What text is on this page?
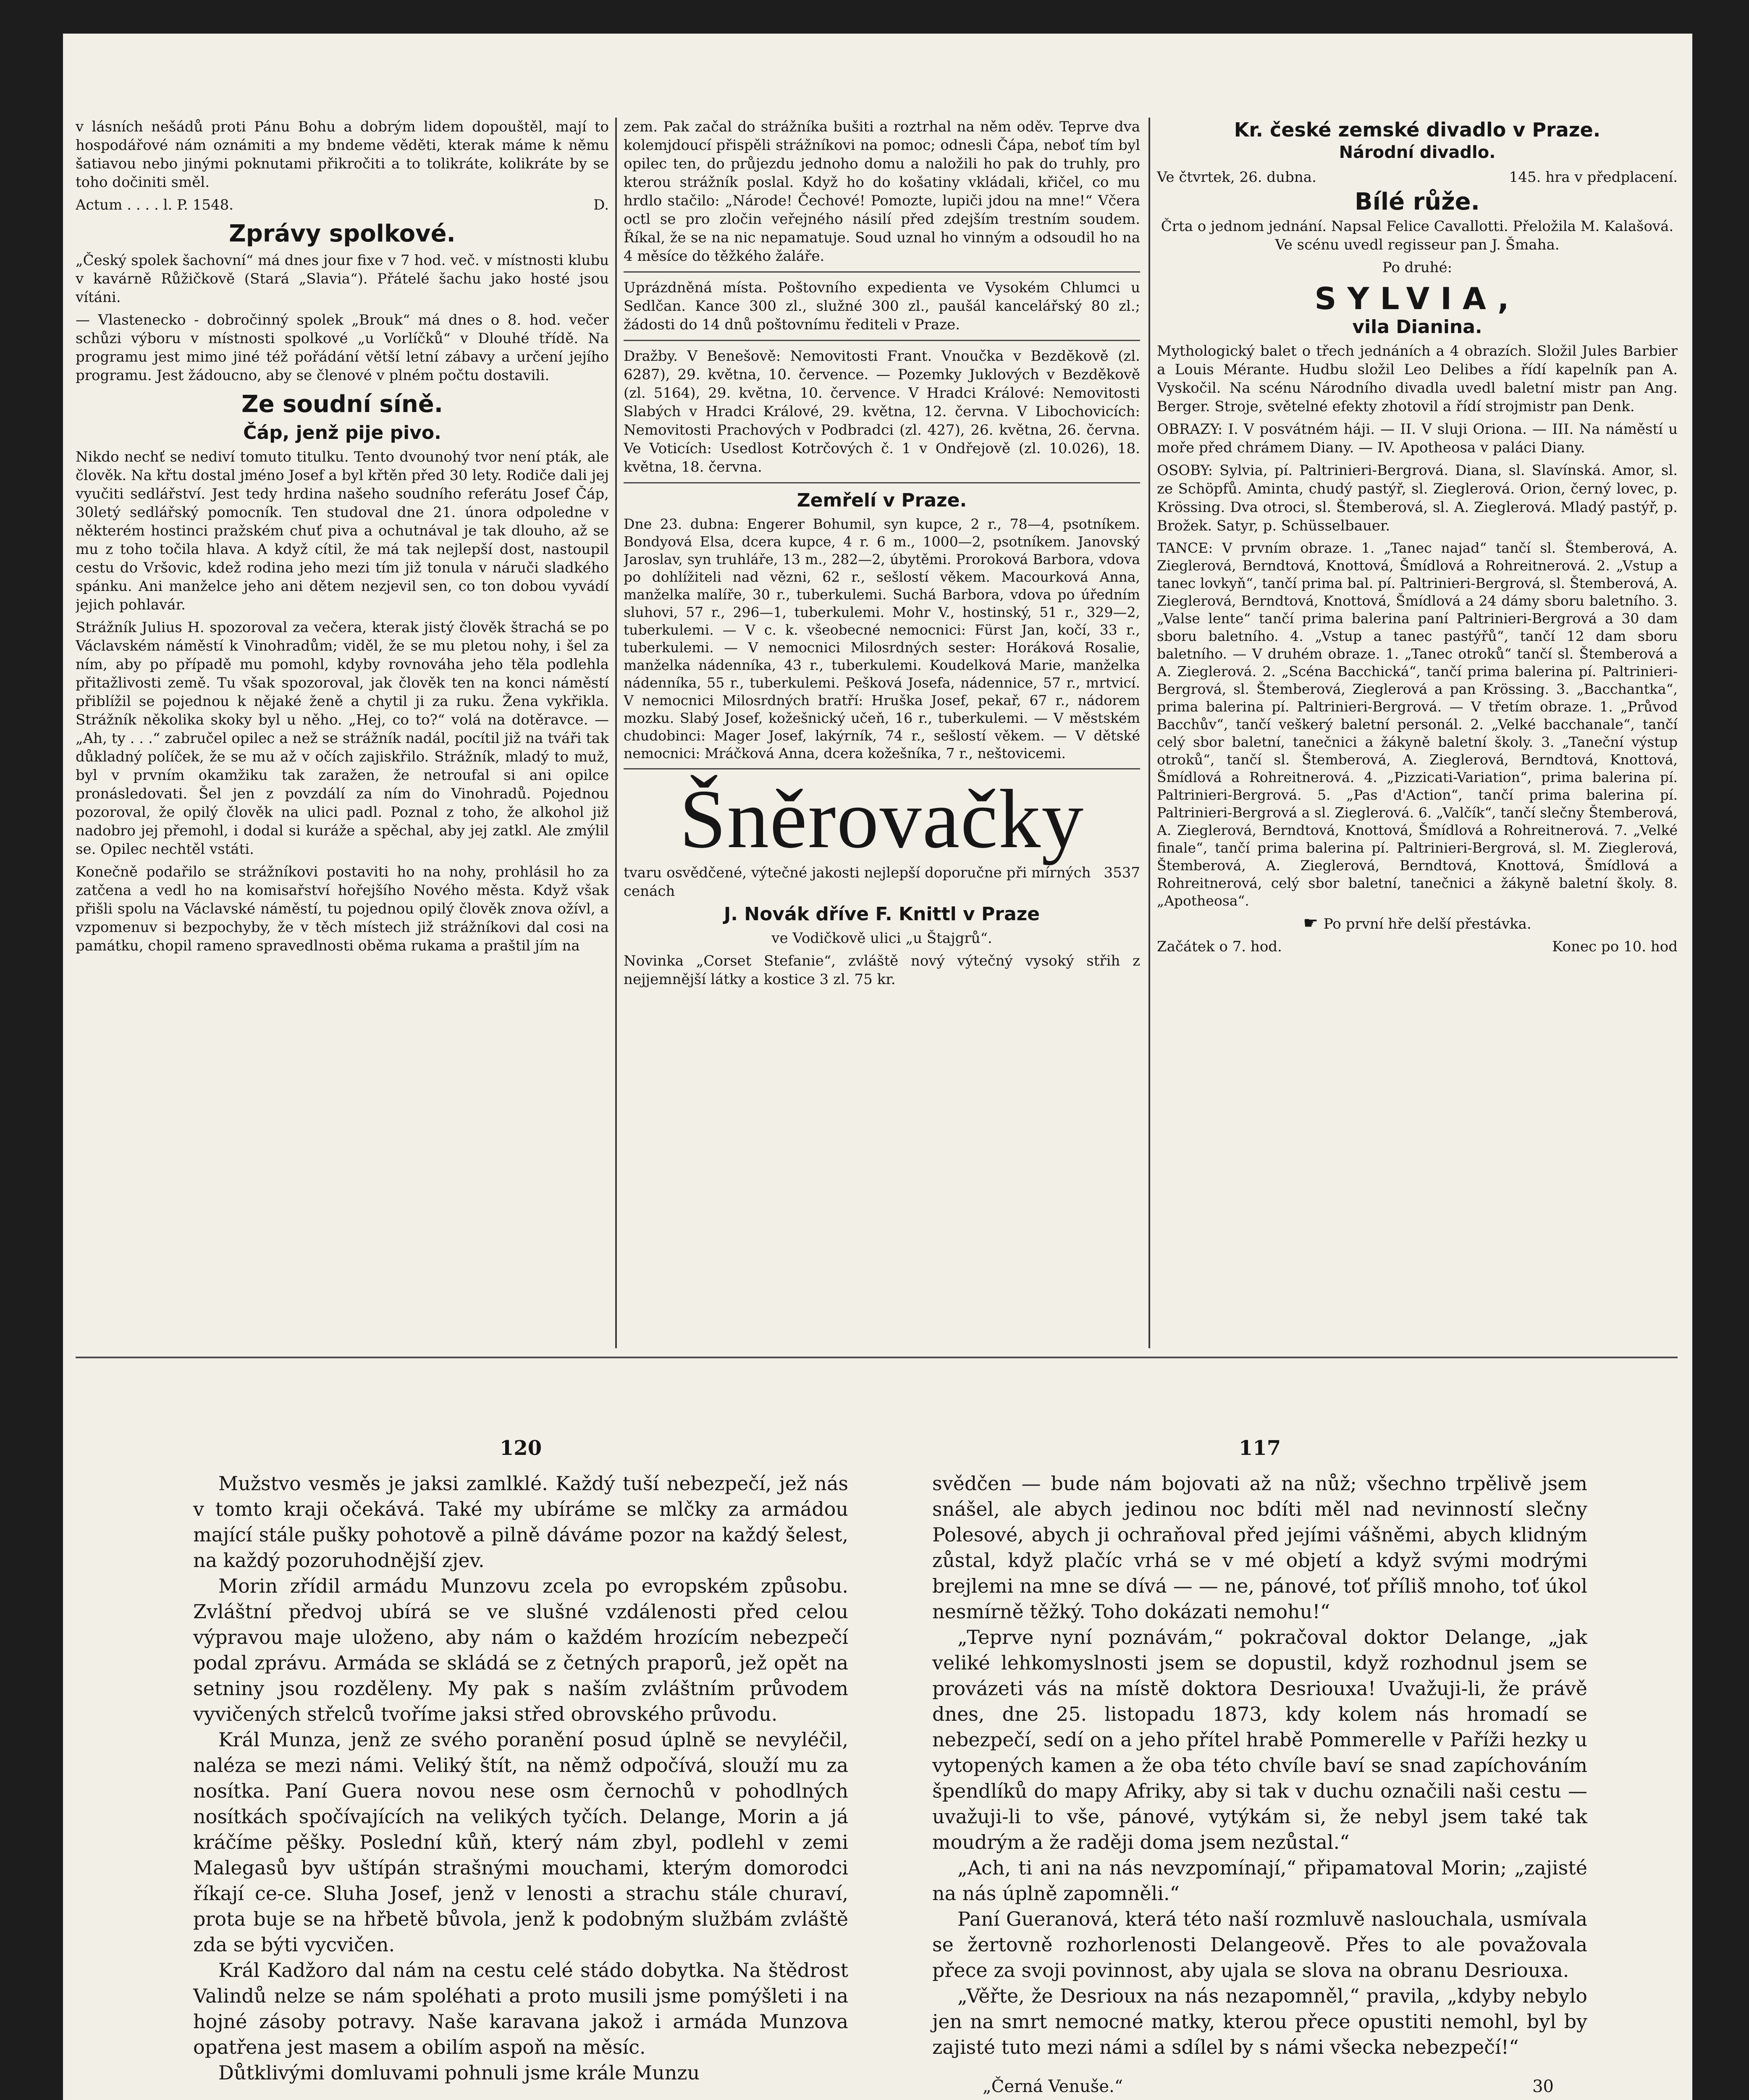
v lásních nešádů proti Pánu Bohu a dobrým lidem dopouštěl, mají to hospodářové nám oznámiti a my bndeme věděti, kterak máme k němu šatiavou nebo jinými poknutami přikročiti a to tolikráte, kolikráte by se toho dočiniti směl.

Actum . . . . l. P. 1548.	D.
Zprávy spolkové.

„Český spolek šachovní“ má dnes jour fixe v 7 hod. več. v místnosti klubu v kavárně Růžičkově (Stará „Slavia“). Přátelé šachu jako hosté jsou vítáni.

— Vlastenecko - dobročinný spolek „Brouk“ má dnes o 8. hod. večer schůzi výboru v místnosti spolkové „u Vorlíčků“ v Dlouhé třídě. Na programu jest mimo jiné též pořádání větší letní zábavy a určení jejího programu. Jest žádoucno, aby se členové v plném počtu dostavili.

Ze soudní síně.
Čáp, jenž pije pivo.

Nikdo nechť se nediví tomuto titulku. Tento dvounohý tvor není pták, ale člověk. Na křtu dostal jméno Josef a byl křtěn před 30 lety. Rodiče dali jej vyučiti sedlářství. Jest tedy hrdina našeho soudního referátu Josef Čáp, 30letý sedlářský pomocník. Ten studoval dne 21. února odpoledne v některém hostinci pražském chuť piva a ochutnával je tak dlouho, až se mu z toho točila hlava. A když cítil, že má tak nejlepší dost, nastoupil cestu do Vršovic, kdež rodina jeho mezi tím již tonula v náruči sladkého spánku. Ani manželce jeho ani dětem nezjevil sen, co ton dobou vyvádí jejich pohlavár.

Strážník Julius H. spozoroval za večera, kterak jistý člověk štrachá se po Václavském náměstí k Vinohradům; viděl, že se mu pletou nohy, i šel za ním, aby po případě mu pomohl, kdyby rovnováha jeho těla podlehla přitažlivosti země. Tu však spozoroval, jak člověk ten na konci náměstí přiblížil se pojednou k nějaké ženě a chytil ji za ruku. Žena vykřikla. Strážník několika skoky byl u něho. „Hej, co to?“ volá na dotěravce. — „Ah, ty . . .“ zabručel opilec a než se strážník nadál, pocítil již na tváři tak důkladný políček, že se mu až v očích zajiskřilo. Strážník, mladý to muž, byl v prvním okamžiku tak zaražen, že netroufal si ani opilce pronásledovati. Šel jen z povzdálí za ním do Vinohradů. Pojednou pozoroval, že opilý člověk na ulici padl. Poznal z toho, že alkohol již nadobro jej přemohl, i dodal si kuráže a spěchal, aby jej zatkl. Ale zmýlil se. Opilec nechtěl vstáti.

Konečně podařilo se strážníkovi postaviti ho na nohy, prohlásil ho za zatčena a vedl ho na komisařství hořejšího Nového města. Když však přišli spolu na Václavské náměstí, tu pojednou opilý člověk znova ožívl, a vzpomenuv si bezpochyby, že v těch místech již strážníkovi dal cosi na památku, chopil rameno spravedlnosti oběma rukama a praštil jím na

zem. Pak začal do strážníka bušiti a roztrhal na něm oděv. Teprve dva kolemjdoucí přispěli strážníkovi na pomoc; odnesli Čápa, neboť tím byl opilec ten, do průjezdu jednoho domu a naložili ho pak do truhly, pro kterou strážník poslal. Když ho do košatiny vkládali, křičel, co mu hrdlo stačilo: „Národe! Čechové! Pomozte, lupiči jdou na mne!“ Včera octl se pro zločin veřejného násilí před zdejším trestním soudem. Říkal, že se na nic nepamatuje. Soud uznal ho vinným a odsoudil ho na 4 měsíce do těžkého žaláře.

Uprázdněná místa. Poštovního expedienta ve Vysokém Chlumci u Sedlčan. Kance 300 zl., služné 300 zl., paušál kancelářský 80 zl.; žádosti do 14 dnů poštovnímu řediteli v Praze.

Dražby. V Benešově: Nemovitosti Frant. Vnoučka v Bezdĕkově (zl. 6287), 29. května, 10. července. — Pozemky Juklových v Bezděkově (zl. 5164), 29. května, 10. července. V Hradci Králové: Nemovitosti Slabých v Hradci Králové, 29. května, 12. června. V Libochovicích: Nemovitosti Prachových v Podbradci (zl. 427), 26. května, 26. června. Ve Voticích: Usedlost Kotrčových č. 1 v Ondřejově (zl. 10.026), 18. května, 18. června.

Zemřelí v Praze.

Dne 23. dubna: Engerer Bohumil, syn kupce, 2 r., 78—4, psotníkem. Bondyová Elsa, dcera kupce, 4 r. 6 m., 1000—2, psotníkem. Janovský Jaroslav, syn truhláře, 13 m., 282—2, úbytěmi. Proroková Barbora, vdova po dohlížiteli nad vězni, 62 r., sešlostí věkem. Macourková Anna, manželka malíře, 30 r., tuberkulemi. Suchá Barbora, vdova po úředním sluhovi, 57 r., 296—1, tuberkulemi. Mohr V., hostinský, 51 r., 329—2, tuberkulemi. — V c. k. všeobecné nemocnici: Fürst Jan, kočí, 33 r., tuberkulemi. — V nemocnici Milosrdných sester: Horáková Rosalie, manželka nádenníka, 43 r., tuberkulemi. Koudelková Marie, manželka nádenníka, 55 r., tuberkulemi. Pešková Josefa, nádennice, 57 r., mrtvicí. V nemocnici Milosrdných bratří: Hruška Josef, pekař, 67 r., nádorem mozku. Slabý Josef, kožešnický učeň, 16 r., tuberkulemi. — V městském chudobinci: Mager Josef, lakýrník, 74 r., sešlostí věkem. — V dětské nemocnici: Mráčková Anna, dcera kožešníka, 7 r., neštovicemi.

Šněrovačky
tvaru osvědčené, výtečné jakosti nejlepší doporučne při mírných cenách
3537
J. Novák dříve F. Knittl v Praze

ve Vodičkově ulici „u Štajgrů“.

Novinka „Corset Stefanie“, zvláště nový výtečný vysoký střih z nejjemnější látky a kostice 3 zl. 75 kr.

Kr. české zemské divadlo v Praze.
Národní divadlo.
Ve čtvrtek, 26. dubna.	145. hra v předplacení.
Bílé růže.

Črta o jednom jednání. Napsal Felice Cavallotti. Přeložila M. Kalašová. Ve scénu uvedl regisseur pan J. Šmaha.

Po druhé:

SYLVIA,
vila Dianina.

Mythologický balet o třech jednáních a 4 obrazích. Složil Jules Barbier a Louis Mérante. Hudbu složil Leo Delibes a řídí kapelník pan A. Vyskočil. Na scénu Národního divadla uvedl baletní mistr pan Ang. Berger. Stroje, světelné efekty zhotovil a řídí strojmistr pan Denk.

OBRAZY: I. V posvátném háji. — II. V sluji Oriona. — III. Na náměstí u moře před chrámem Diany. — IV. Apotheosa v paláci Diany.

OSOBY: Sylvia, pí. Paltrinieri-Bergrová. Diana, sl. Slavínská. Amor, sl. ze Schöpfů. Aminta, chudý pastýř, sl. Zieglerová. Orion, černý lovec, p. Krössing. Dva otroci, sl. Štemberová, sl. A. Zieglerová. Mladý pastýř, p. Brožek. Satyr, p. Schüsselbauer.

TANCE: V prvním obraze. 1. „Tanec najad“ tančí sl. Štemberová, A. Zieglerová, Berndtová, Knottová, Šmídlová a Rohreitnerová. 2. „Vstup a tanec lovkyň“, tančí prima bal. pí. Paltrinieri-Bergrová, sl. Štemberová, A. Zieglerová, Berndtová, Knottová, Šmídlová a 24 dámy sboru baletního. 3. „Valse lente“ tančí prima balerina paní Paltrinieri-Bergrová a 30 dam sboru baletního. 4. „Vstup a tanec pastýřů“, tančí 12 dam sboru baletního. — V druhém obraze. 1. „Tanec otroků“ tančí sl. Štemberová a A. Zieglerová. 2. „Scéna Bacchická“, tančí prima balerina pí. Paltrinieri-Bergrová, sl. Štemberová, Zieglerová a pan Krössing. 3. „Bacchantka“, prima balerina pí. Paltrinieri-Bergrová. — V třetím obraze. 1. „Průvod Bacchův“, tančí veškerý baletní personál. 2. „Velké bacchanale“, tančí celý sbor baletní, tanečnici a žákyně baletní školy. 3. „Taneční výstup otroků“, tančí sl. Štemberová, A. Zieglerová, Berndtová, Knottová, Šmídlová a Rohreitnerová. 4. „Pizzicati-Variation“, prima balerina pí. Paltrinieri-Bergrová. 5. „Pas d'Action“, tančí prima balerina pí. Paltrinieri-Bergrová a sl. Zieglerová. 6. „Valčík“, tančí slečny Štemberová, A. Zieglerová, Berndtová, Knottová, Šmídlová a Rohreitnerová. 7. „Velké finale“, tančí prima balerina pí. Paltrinieri-Bergrová, sl. M. Zieglerová, Štemberová, A. Zieglerová, Berndtová, Knottová, Šmídlová a Rohreitnerová, celý sbor baletní, tanečnici a žákyně baletní školy. 8. „Apotheosa“.

☛ Po první hře delší přestávka.

Začátek o 7. hod.	Konec po 10. hod
120

Mužstvo vesměs je jaksi zamlklé. Každý tuší nebezpečí, jež nás v tomto kraji očekává. Také my ubíráme se mlčky za armádou mající stále pušky pohotově a pilně dáváme pozor na každý šelest, na každý pozoruhodnější zjev.

Morin zřídil armádu Munzovu zcela po evropském způsobu. Zvláštní předvoj ubírá se ve slušné vzdálenosti před celou výpravou maje uloženo, aby nám o každém hrozícím nebezpečí podal zprávu. Armáda se skládá se z četných praporů, jež opět na setniny jsou rozděleny. My pak s naším zvláštním průvodem vyvičených střelců tvoříme jaksi střed obrovského průvodu.

Král Munza, jenž ze svého poranění posud úplně se nevyléčil, naléza se mezi námi. Veliký štít, na němž odpočívá, slouží mu za nosítka. Paní Guera novou nese osm černochů v pohodlných nosítkách spočívajících na velikých tyčích. Delange, Morin a já kráčíme pěšky. Poslední kůň, který nám zbyl, podlehl v zemi Malegasů byv uštípán strašnými mouchami, kterým domorodci říkají ce-ce. Sluha Josef, jenž v lenosti a strachu stále churaví, prota bujе se na hřbetě bůvola, jenž k podobným službám zvláště zda se býti vycvičen.

Král Kadžoro dal nám na cestu celé stádo dobytka. Na štědrost Valindů nelze se nám spoléhati a proto musili jsme pomýšleti i na hojné zásoby potravy. Naše karavana jakož i armáda Munzova opatřena jest masem a obilím aspoň na měsíc.

Důtklivými domluvami pohnuli jsme krále Munzu

117

svědčen — bude nám bojovati až na nůž; všechno trpělivě jsem snášel, ale abych jedinou noc bdíti měl nad nevinností slečny Polesové, abych ji ochraňoval před jejími vášněmi, abych klidným zůstal, když plačíc vrhá se v mé objetí a když svými modrými brejlemi na mne se dívá — — ne, pánové, toť příliš mnoho, toť úkol nesmírně těžký. Toho dokázati nemohu!“

„Teprve nyní poznávám,“ pokračoval doktor Delange, „jak veliké lehkomyslnosti jsem se dopustil, když rozhodnul jsem se provázeti vás na místě doktora Desriouxa! Uvažuji-li, že právě dnes, dne 25. listopadu 1873, kdy kolem nás hromadí se nebezpečí, sedí on a jeho přítel hrabě Pommerelle v Paříži hezky u vytopených kamen a že oba této chvíle baví se snad zapíchováním špendlíků do mapy Afriky, aby si tak v duchu označili naši cestu — uvažuji-li to vše, pánové, vytýkám si, že nebyl jsem také tak moudrým a že raději doma jsem nezůstal.“

„Ach, ti ani na nás nevzpomínají,“ připamatoval Morin; „zajisté na nás úplně zapomněli.“

Paní Gueranová, která této naší rozmluvě naslouchala, usmívala se žertovně rozhorlenosti Delangeově. Přes to ale považovala přece za svoji povinnost, aby ujala se slova na obranu Desriouxa.

„Věřte, že Desrioux na nás nezapomněl,“ pravila, „kdyby nebylo jen na smrt nemocné matky, kterou přece opustiti nemohl, byl by zajisté tuto mezi námi a sdílel by s námi všecka nebezpečí!“

„Černá Venuše.“	30
